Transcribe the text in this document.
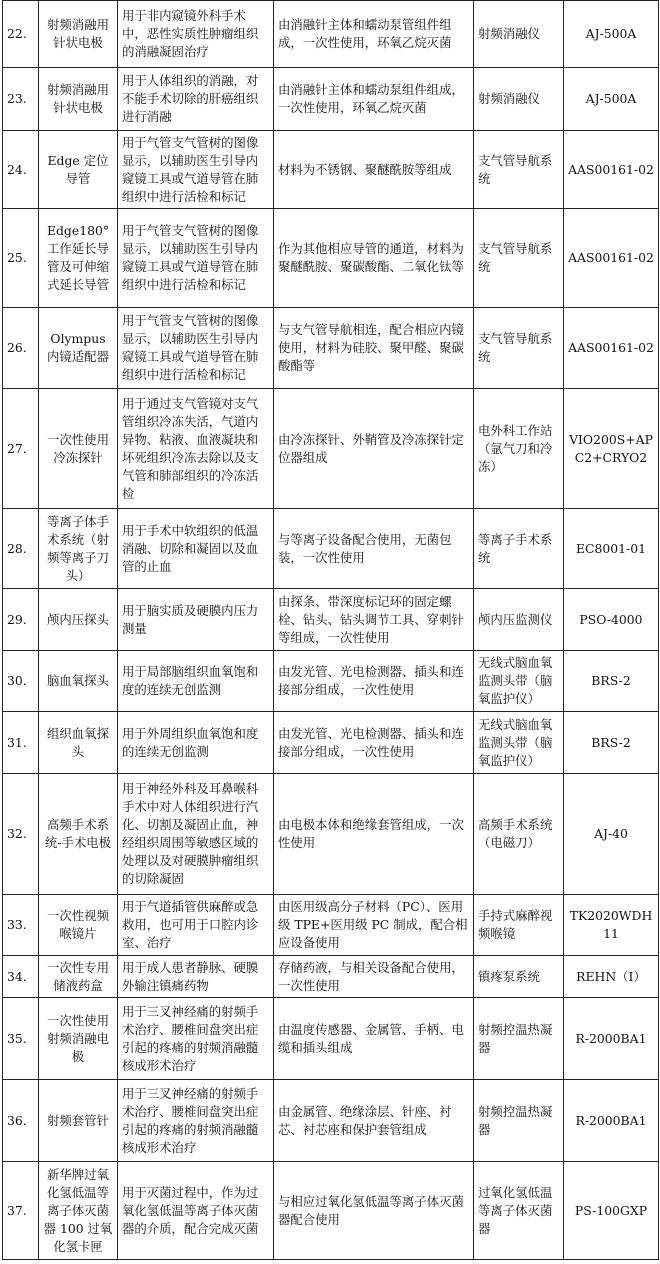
22.	射频消融用针状电极	用于非内窥镜外科手术中，恶性实质性肿瘤组织的消融凝固治疗	由消融针主体和蠕动泵管组件组成，一次性使用，环氧乙烷灭菌	射频消融仪	AJ-500A
23.	射频消融用针状电极	用于人体组织的消融，对不能手术切除的肝癌组织进行消融	由消融针主体和蠕动泵组件组成，一次性使用，环氧乙烷灭菌	射频消融仪	AJ-500A
24.	Edge 定位导管	用于气管支气管树的图像显示，以辅助医生引导内窥镜工具或气道导管在肺组织中进行活检和标记	材料为不锈钢、聚醚酰胺等组成	支气管导航系统	AAS00161-02
25.	Edge180°工作延长导管及可伸缩式延长导管	用于气管支气管树的图像显示，以辅助医生引导内窥镜工具或气道导管在肺组织中进行活检和标记	作为其他相应导管的通道，材料为聚醚酰胺、聚碳酸酯、二氧化钛等	支气管导航系统	AAS00161-02
26.	Olympus 内镜适配器	用于气管支气管树的图像显示，以辅助医生引导内窥镜工具或气道导管在肺组织中进行活检和标记	与支气管导航相连，配合相应内镜使用，材料为硅胶、聚甲醛、聚碳酸酯等	支气管导航系统	AAS00161-02
27.	一次性使用冷冻探针	用于通过支气管镜对支气管组织冷冻失活，气道内异物、粘液、血液凝块和坏死组织冷冻去除以及支气管和肺部组织的冷冻活检	由冷冻探针、外鞘管及冷冻探针定位器组成	电外科工作站（氩气刀和冷冻）	VIO200S+APC2+CRYO2
28.	等离子体手术系统（射频等离子刀头）	用于手术中软组织的低温消融、切除和凝固以及血管的止血	与等离子设备配合使用，无菌包装，一次性使用	等离子手术系统	EC8001-01
29.	颅内压探头	用于脑实质及硬膜内压力测量	由探条、带深度标记环的固定螺栓、钻头、钻头调节工具、穿刺针等组成，一次性使用	颅内压监测仪	PSO-4000
30.	脑血氧探头	用于局部脑组织血氧饱和度的连续无创监测	由发光管、光电检测器、插头和连接部分组成，一次性使用	无线式脑血氧监测头带（脑氧监护仪）	BRS-2
31.	组织血氧探头	用于外周组织血氧饱和度的连续无创监测	由发光管、光电检测器、插头和连接部分组成，一次性使用	无线式脑血氧监测头带（脑氧监护仪）	BRS-2
32.	高频手术系统-手术电极	用于神经外科及耳鼻喉科手术中对人体组织进行汽化、切割及凝固止血，神经组织周围等敏感区域的处理以及对硬膜肿瘤组织的切除凝固	由电极本体和绝缘套管组成，一次性使用	高频手术系统（电磁刀）	AJ-40
33.	一次性视频喉镜片	用于气道插管供麻醉或急救用，也可用于口腔内诊室、治疗	由医用级高分子材料（PC）、医用级 TPE+医用级 PC 制成，配合相应设备使用	手持式麻醉视频喉镜	TK2020WDH11
34.	一次性专用储液药盒	用于成人患者静脉、硬膜外输注镇痛药物	存储药液，与相关设备配合使用，一次性使用	镇疼泵系统	REHN（I）
35.	一次性使用射频消融电极	用于三叉神经痛的射频手术治疗、腰椎间盘突出症引起的疼痛的射频消融髓核成形术治疗	由温度传感器、金属管、手柄、电缆和插头组成	射频控温热凝器	R-2000BA1
36.	射频套管针	用于三叉神经痛的射频手术治疗、腰椎间盘突出症引起的疼痛的射频消融髓核成形术治疗	由金属管、绝缘涂层、针座、衬芯、衬芯座和保护套管组成	射频控温热凝器	R-2000BA1
37.	新华牌过氧化氢低温等离子体灭菌器 100 过氧化氢卡匣	用于灭菌过程中，作为过氧化氢低温等离子体灭菌器的介质，配合完成灭菌	与相应过氧化氢低温等离子体灭菌器配合使用	过氧化氢低温等离子体灭菌器	PS-100GXP
